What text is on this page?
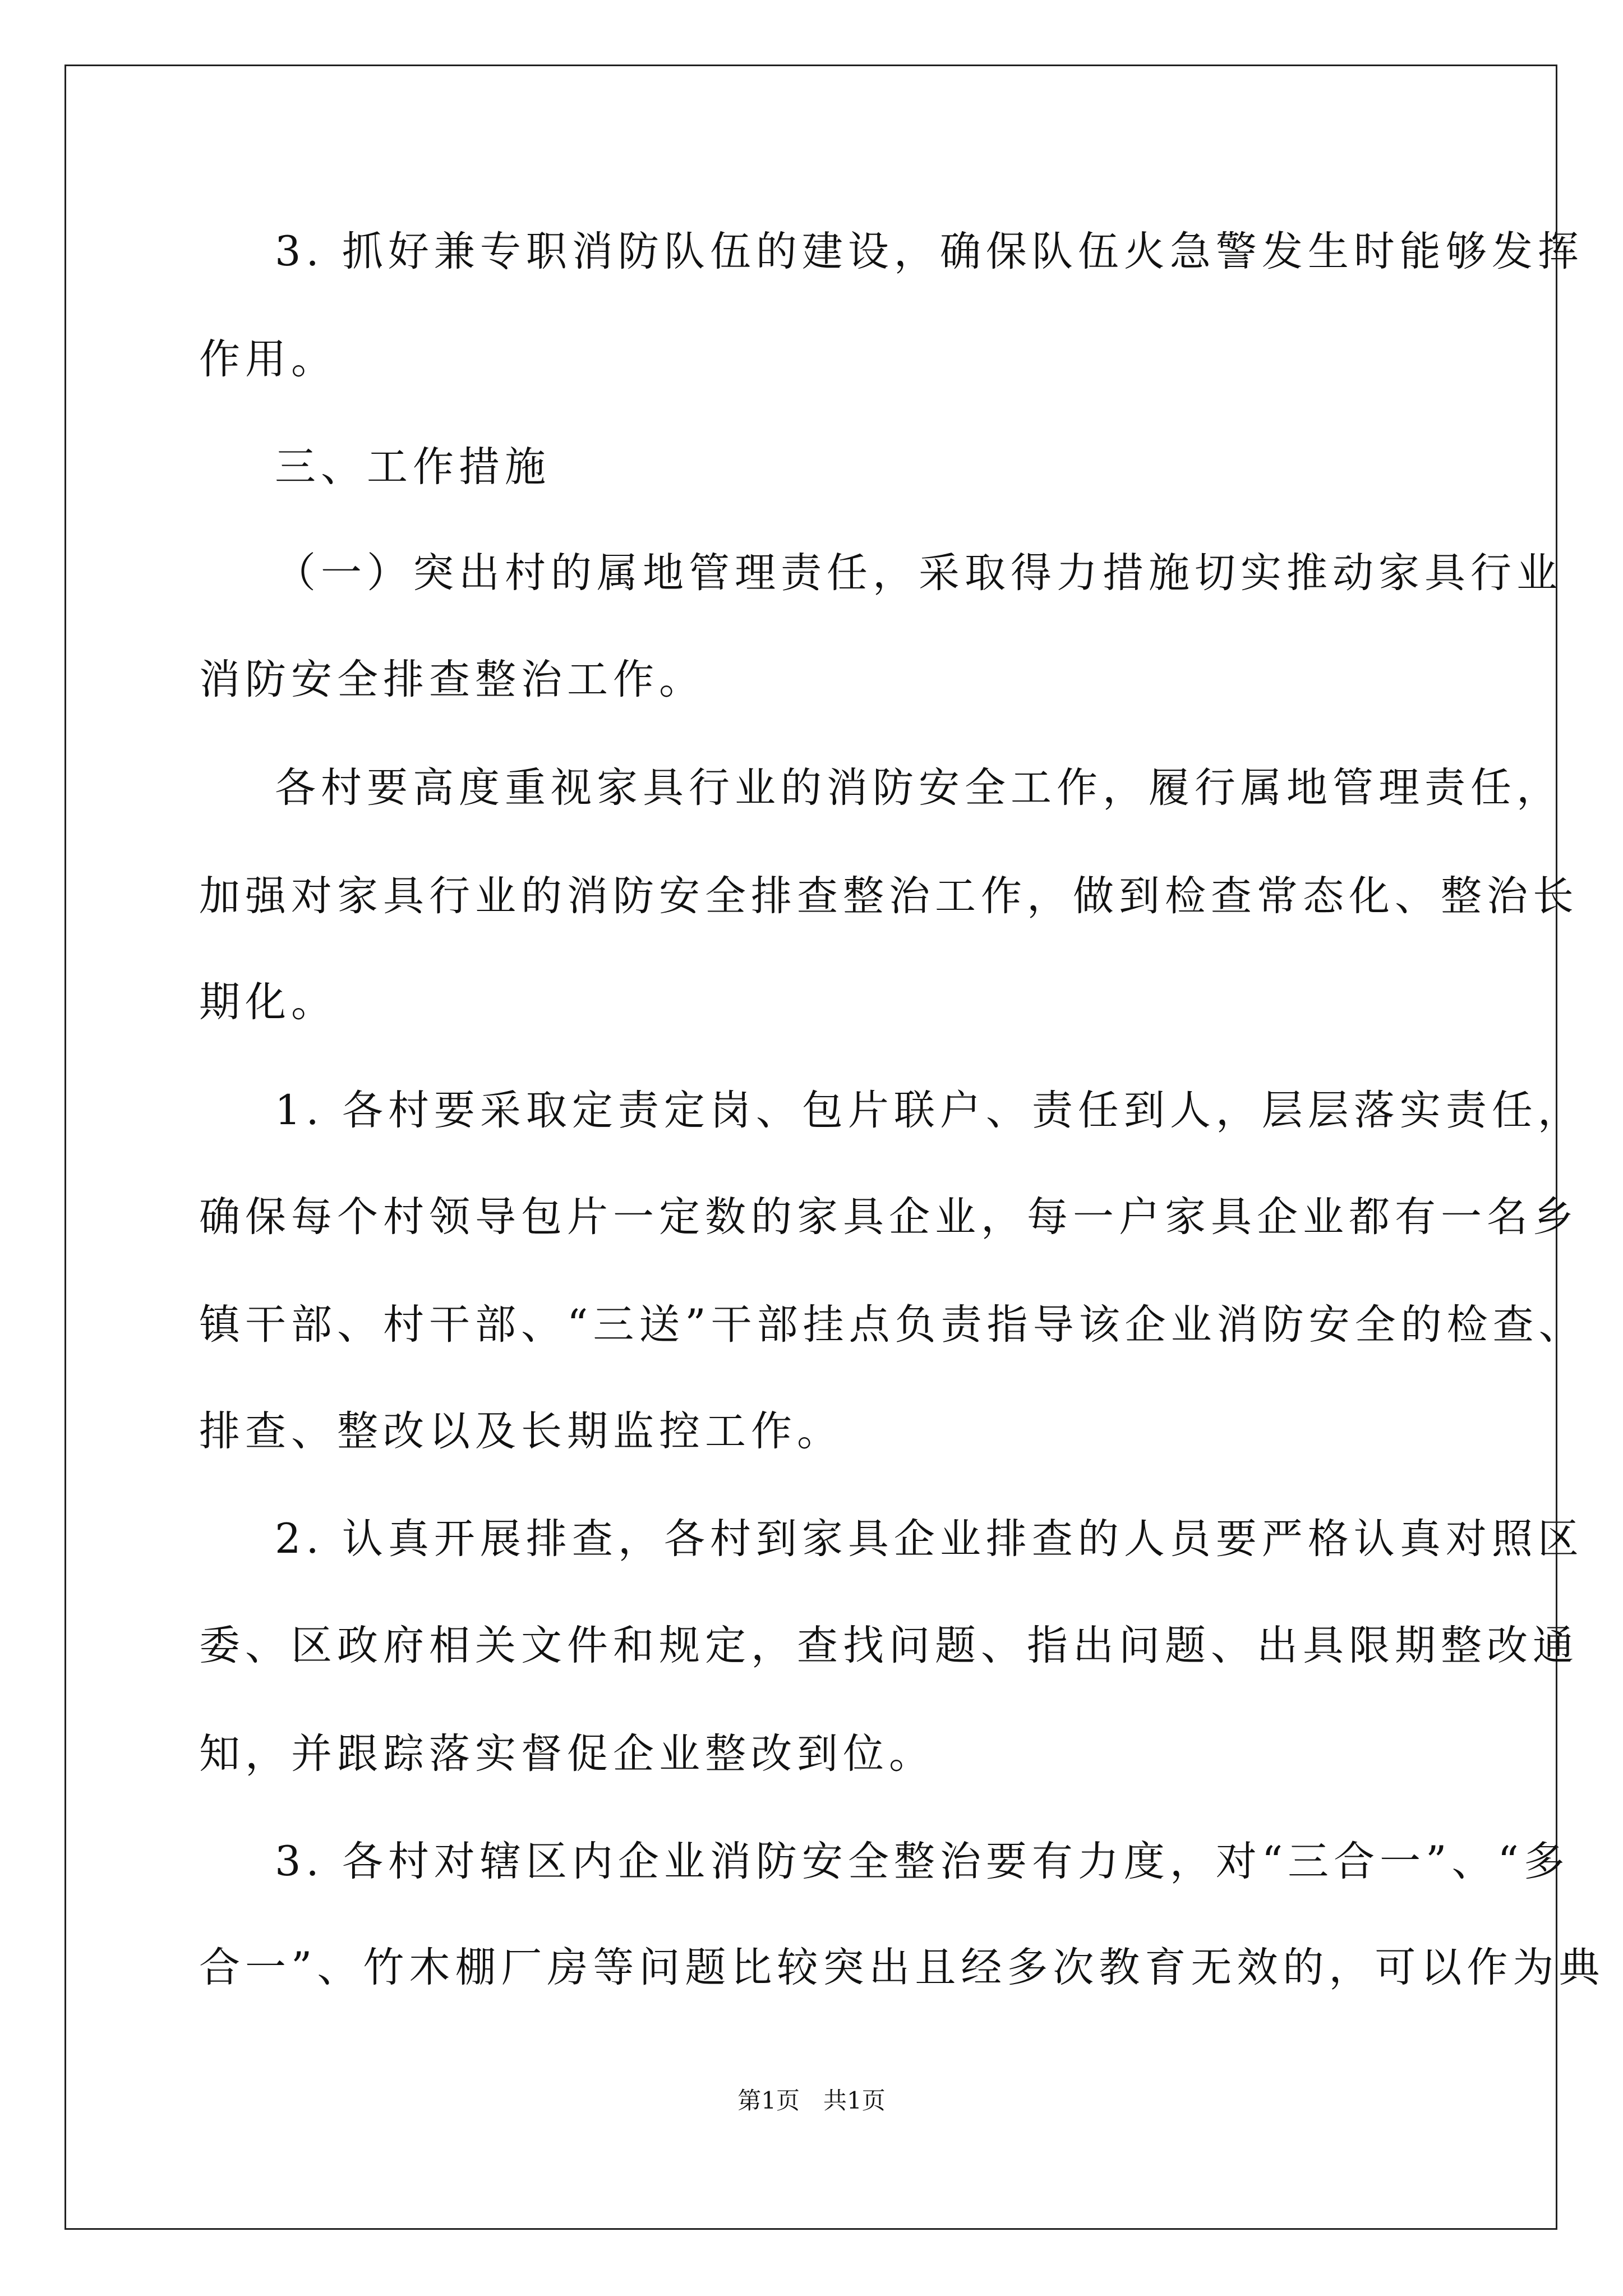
3. 抓好兼专职消防队伍的建设，确保队伍火急警发生时能够发挥
作用。
三、工作措施
（一）突出村的属地管理责任，采取得力措施切实推动家具行业
消防安全排查整治工作。
各村要高度重视家具行业的消防安全工作，履行属地管理责任，
加强对家具行业的消防安全排查整治工作，做到检查常态化、整治长
期化。
1. 各村要采取定责定岗、包片联户、责任到人，层层落实责任，
确保每个村领导包片一定数的家具企业，每一户家具企业都有一名乡
镇干部、村干部、“三送”干部挂点负责指导该企业消防安全的检查、
排查、整改以及长期监控工作。
2. 认真开展排查，各村到家具企业排查的人员要严格认真对照区
委、区政府相关文件和规定，查找问题、指出问题、出具限期整改通
知，并跟踪落实督促企业整改到位。
3. 各村对辖区内企业消防安全整治要有力度，对“三合一”、“多
合一”、竹木棚厂房等问题比较突出且经多次教育无效的，可以作为典
第1页　共1页
